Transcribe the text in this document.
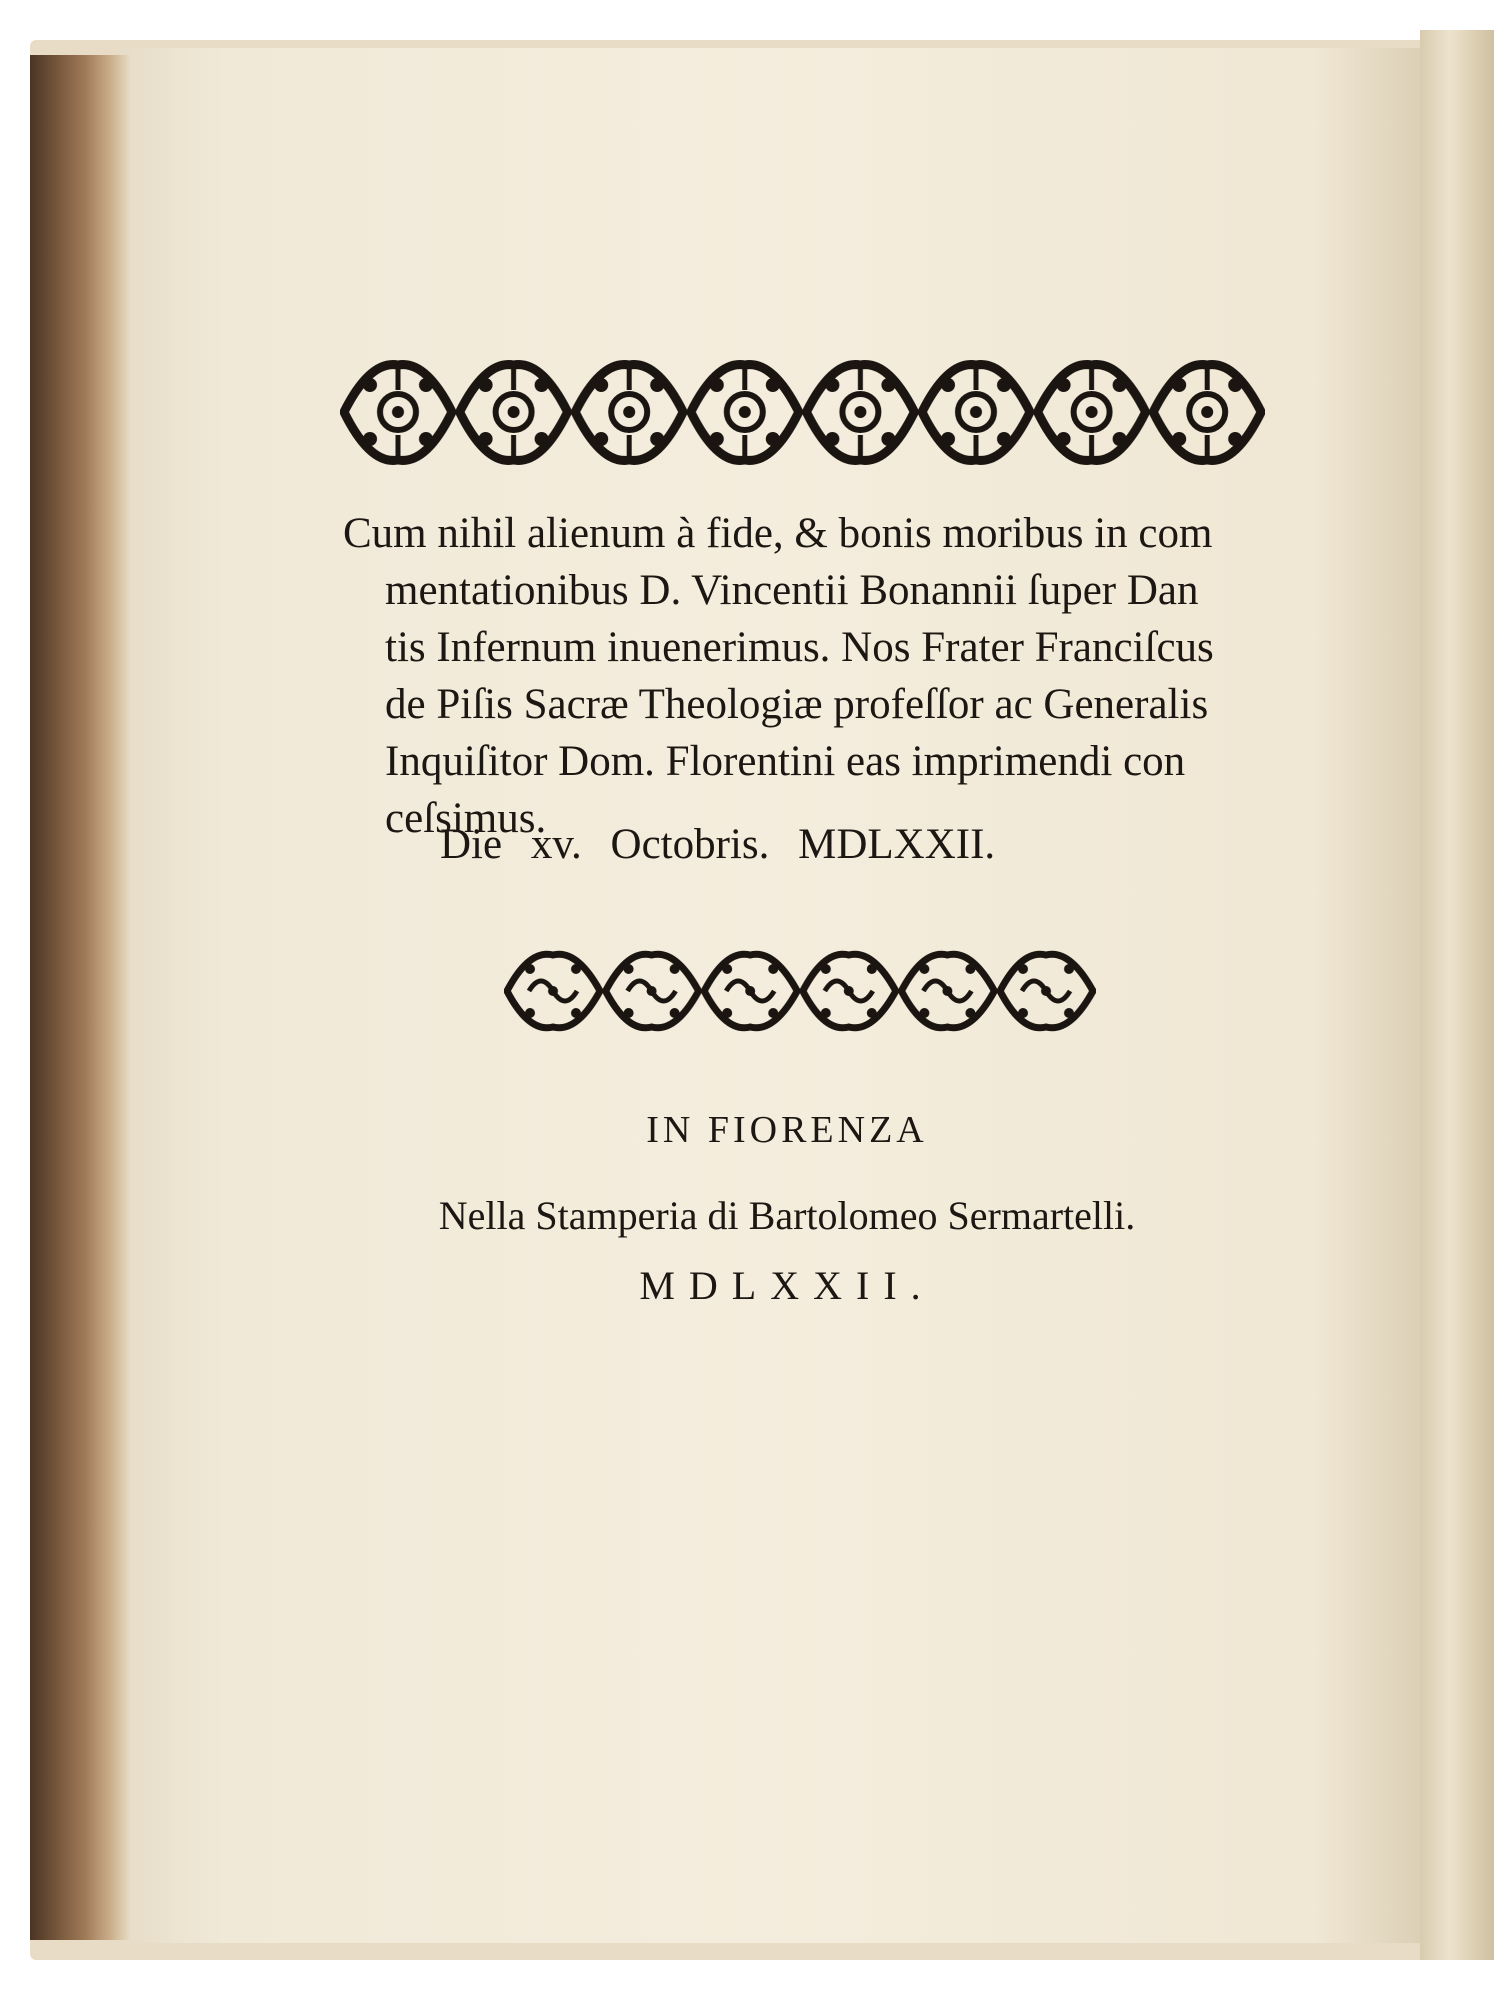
Cum nihil alienum à fide, & bonis moribus in com
mentationibus D. Vincentii Bonannii ſuper Dan
tis Infernum inuenerimus. Nos Frater Franciſcus
de Piſis Sacræ Theologiæ profeſſor ac Generalis
Inquiſitor Dom. Florentini eas imprimendi con
ceſsimus.
Die xv. Octobris. MDLXXII.
IN FIORENZA
Nella Stamperia di Bartolomeo Sermartelli.
MDLXXII.
